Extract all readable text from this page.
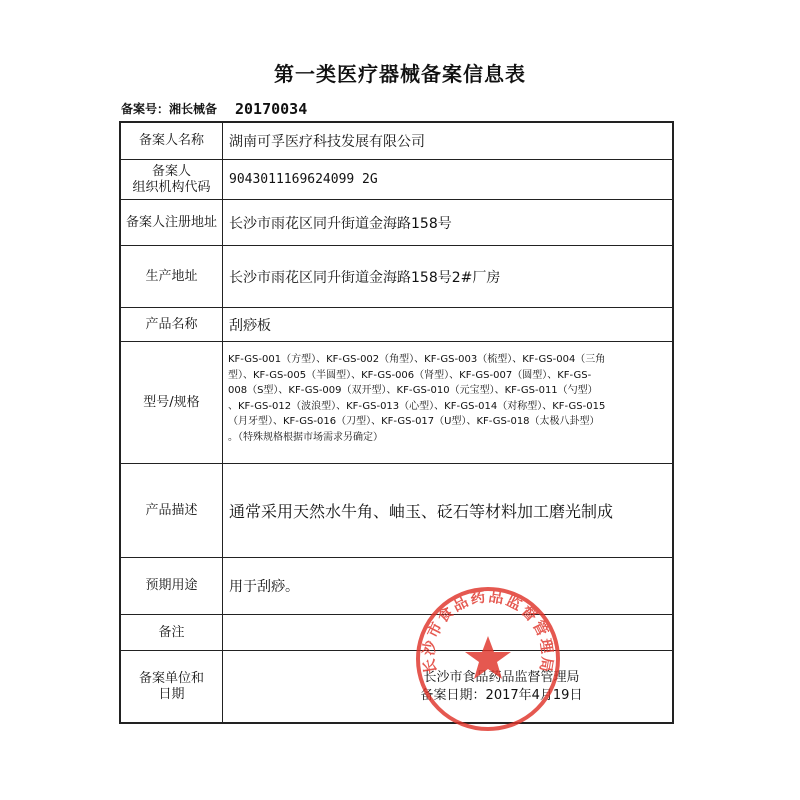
第一类医疗器械备案信息表
备案号：湘长械备 20170034
备案人名称	湖南可孚医疗科技发展有限公司
备案人
组织机构代码 9043011169624099 2G
备案人注册地址 长沙市雨花区同升街道金海路158号
生产地址	长沙市雨花区同升街道金海路158号2#厂房
产品名称	刮痧板
型号/规格
KF-GS-001（方型）、KF-GS-002（角型）、KF-GS-003（梳型）、KF-GS-004（三角
型）、KF-GS-005（半圆型）、KF-GS-006（肾型）、KF-GS-007（圆型）、KF-GS-
008（S型）、KF-GS-009（双开型）、KF-GS-010（元宝型）、KF-GS-011（勺型）
、KF-GS-012（波浪型）、KF-GS-013（心型）、KF-GS-014（对称型）、KF-GS-015
（月牙型）、KF-GS-016（刀型）、KF-GS-017（U型）、KF-GS-018（太极八卦型）
。（特殊规格根据市场需求另确定）
产品描述	通常采用天然水牛角、岫玉、砭石等材料加工磨光制成
预期用途	用于刮痧。
备注
备案单位和
日期
长沙市食品药品监督管理局
备案日期：2017年4月19日
长沙市食品药品监督管理局
